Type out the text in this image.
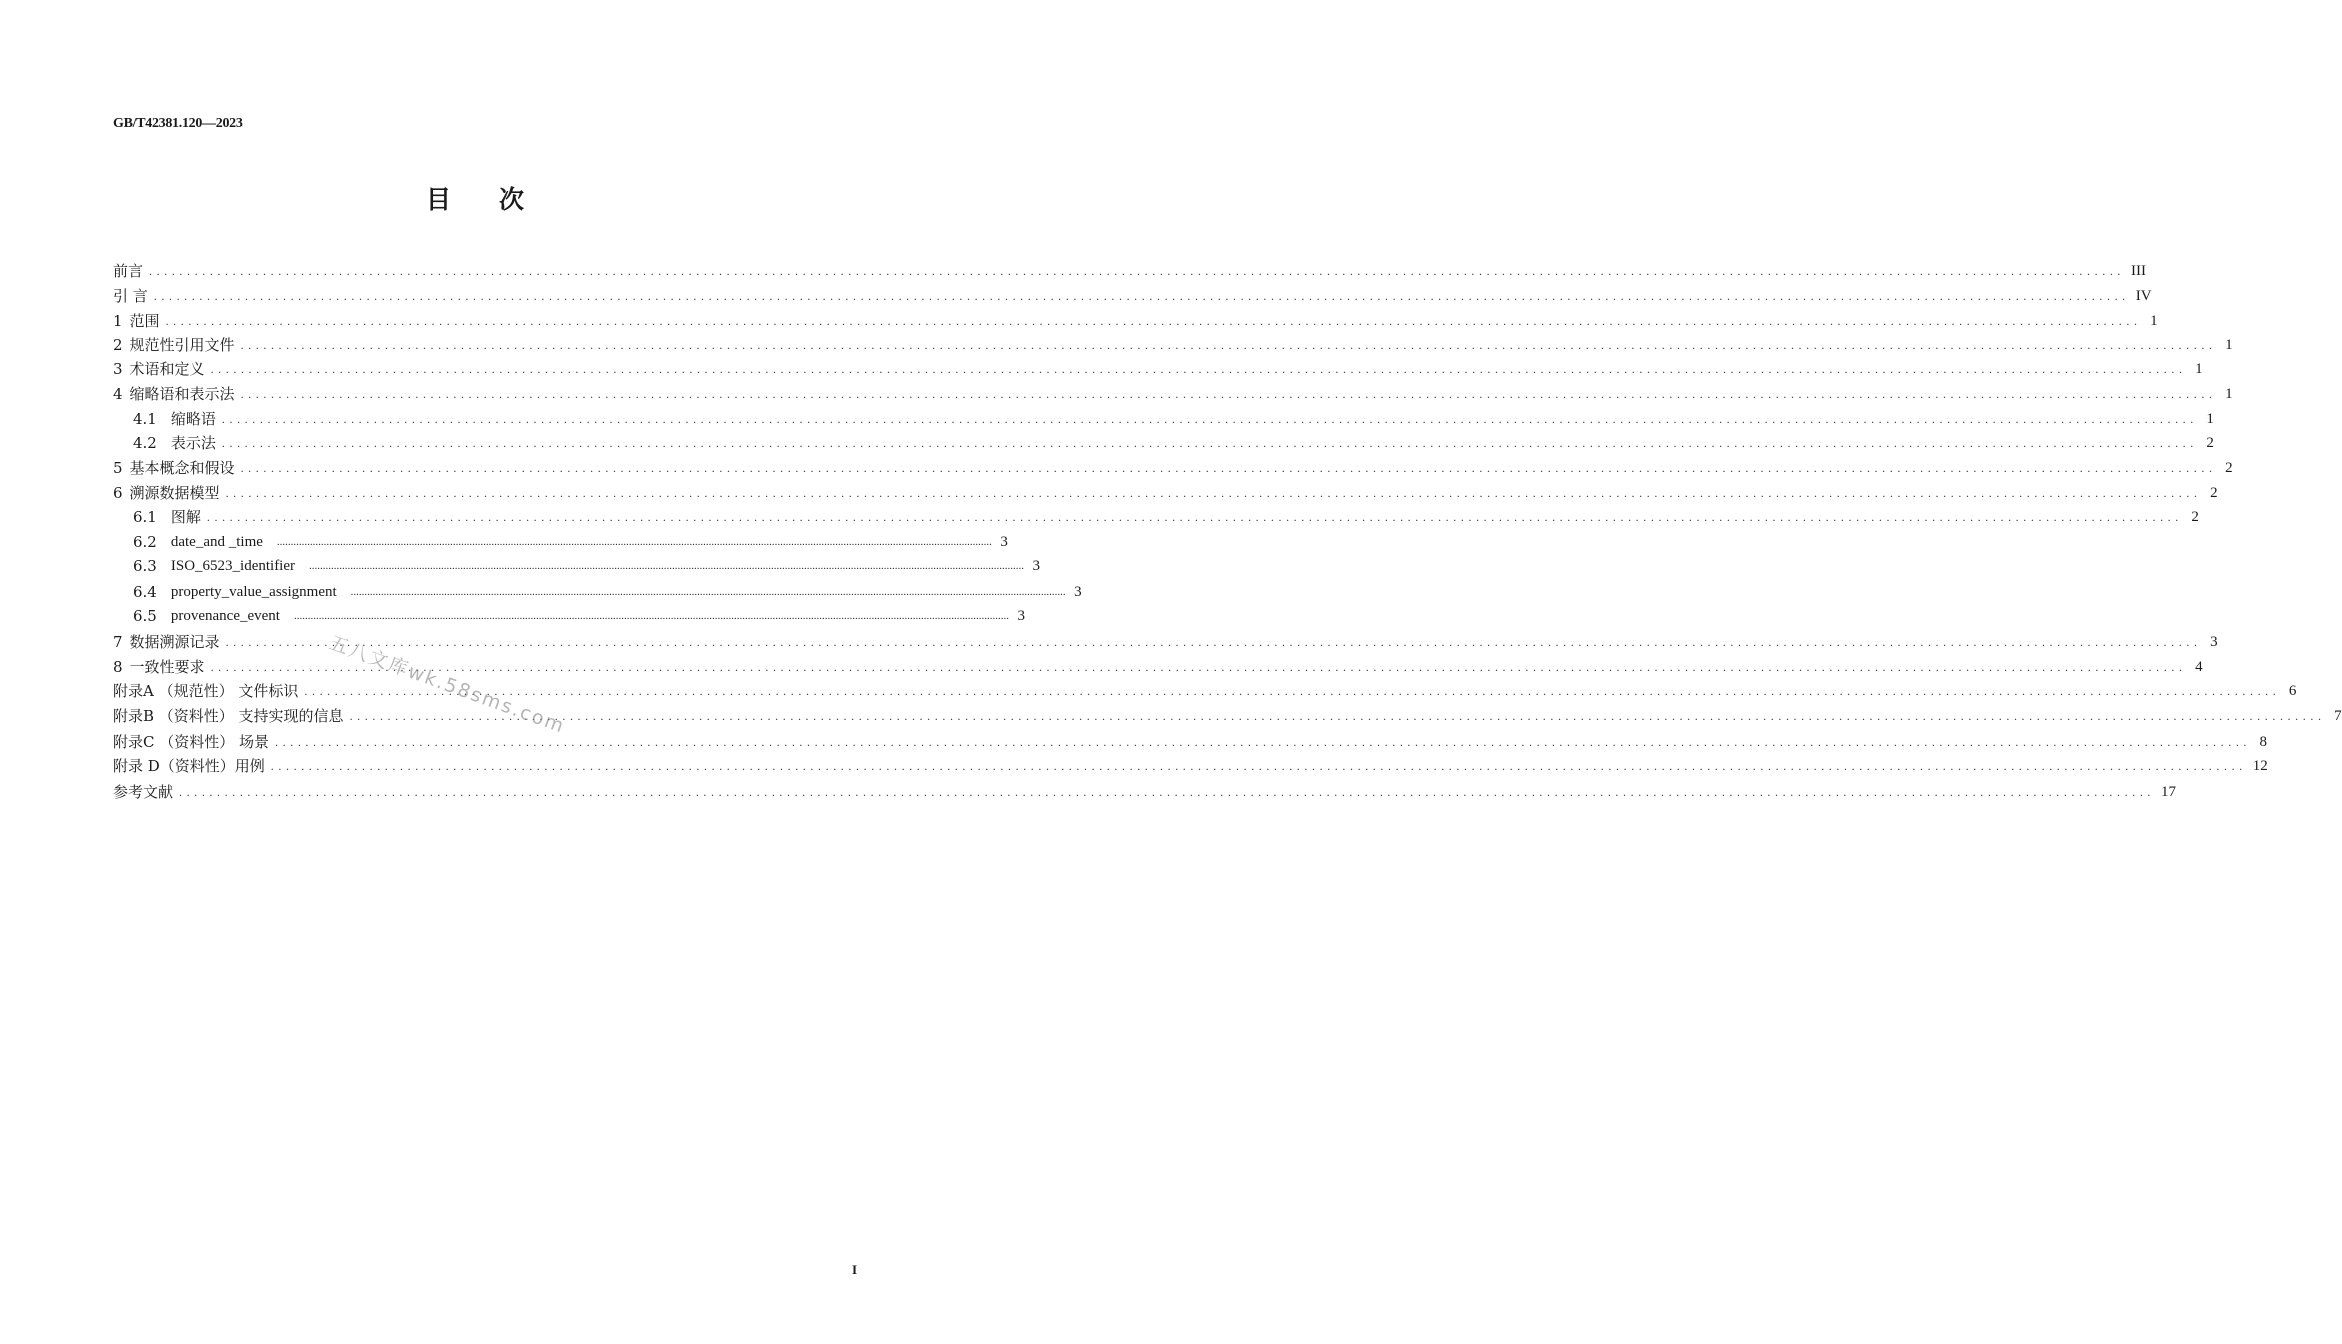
GB/T42381.120—2023
目 次
前言 .................................................................................................................................................................................................................................................................... III
引 言 .................................................................................................................................................................................................................................................................... IV
1 范围 .................................................................................................................................................................................................................................................................... 1
2 规范性引用文件 .................................................................................................................................................................................................................................................................... 1
3 术语和定义 .................................................................................................................................................................................................................................................................... 1
4 缩略语和表示法 .................................................................................................................................................................................................................................................................... 1
4.1 缩略语 .................................................................................................................................................................................................................................................................... 1
4.2 表示法 .................................................................................................................................................................................................................................................................... 2
5 基本概念和假设 .................................................................................................................................................................................................................................................................... 2
6 溯源数据模型 .................................................................................................................................................................................................................................................................... 2
6.1 图解 .................................................................................................................................................................................................................................................................... 2
6.2 date_and _time .................................................................................................................................................................................................................................................................... 3
6.3 ISO_6523_identifier .................................................................................................................................................................................................................................................................... 3
6.4 property_value_assignment .................................................................................................................................................................................................................................................................... 3
6.5 provenance_event .................................................................................................................................................................................................................................................................... 3
7 数据溯源记录 .................................................................................................................................................................................................................................................................... 3
8 一致性要求 .................................................................................................................................................................................................................................................................... 4
附录A （规范性） 文件标识 .................................................................................................................................................................................................................................................................... 6
附录B （资料性） 支持实现的信息 .................................................................................................................................................................................................................................................................... 7
附录C （资料性） 场景 .................................................................................................................................................................................................................................................................... 8
附录 D（资料性）用例 .................................................................................................................................................................................................................................................................... 12
参考文献 .................................................................................................................................................................................................................................................................... 17
五八文库wk.58sms.com
I
